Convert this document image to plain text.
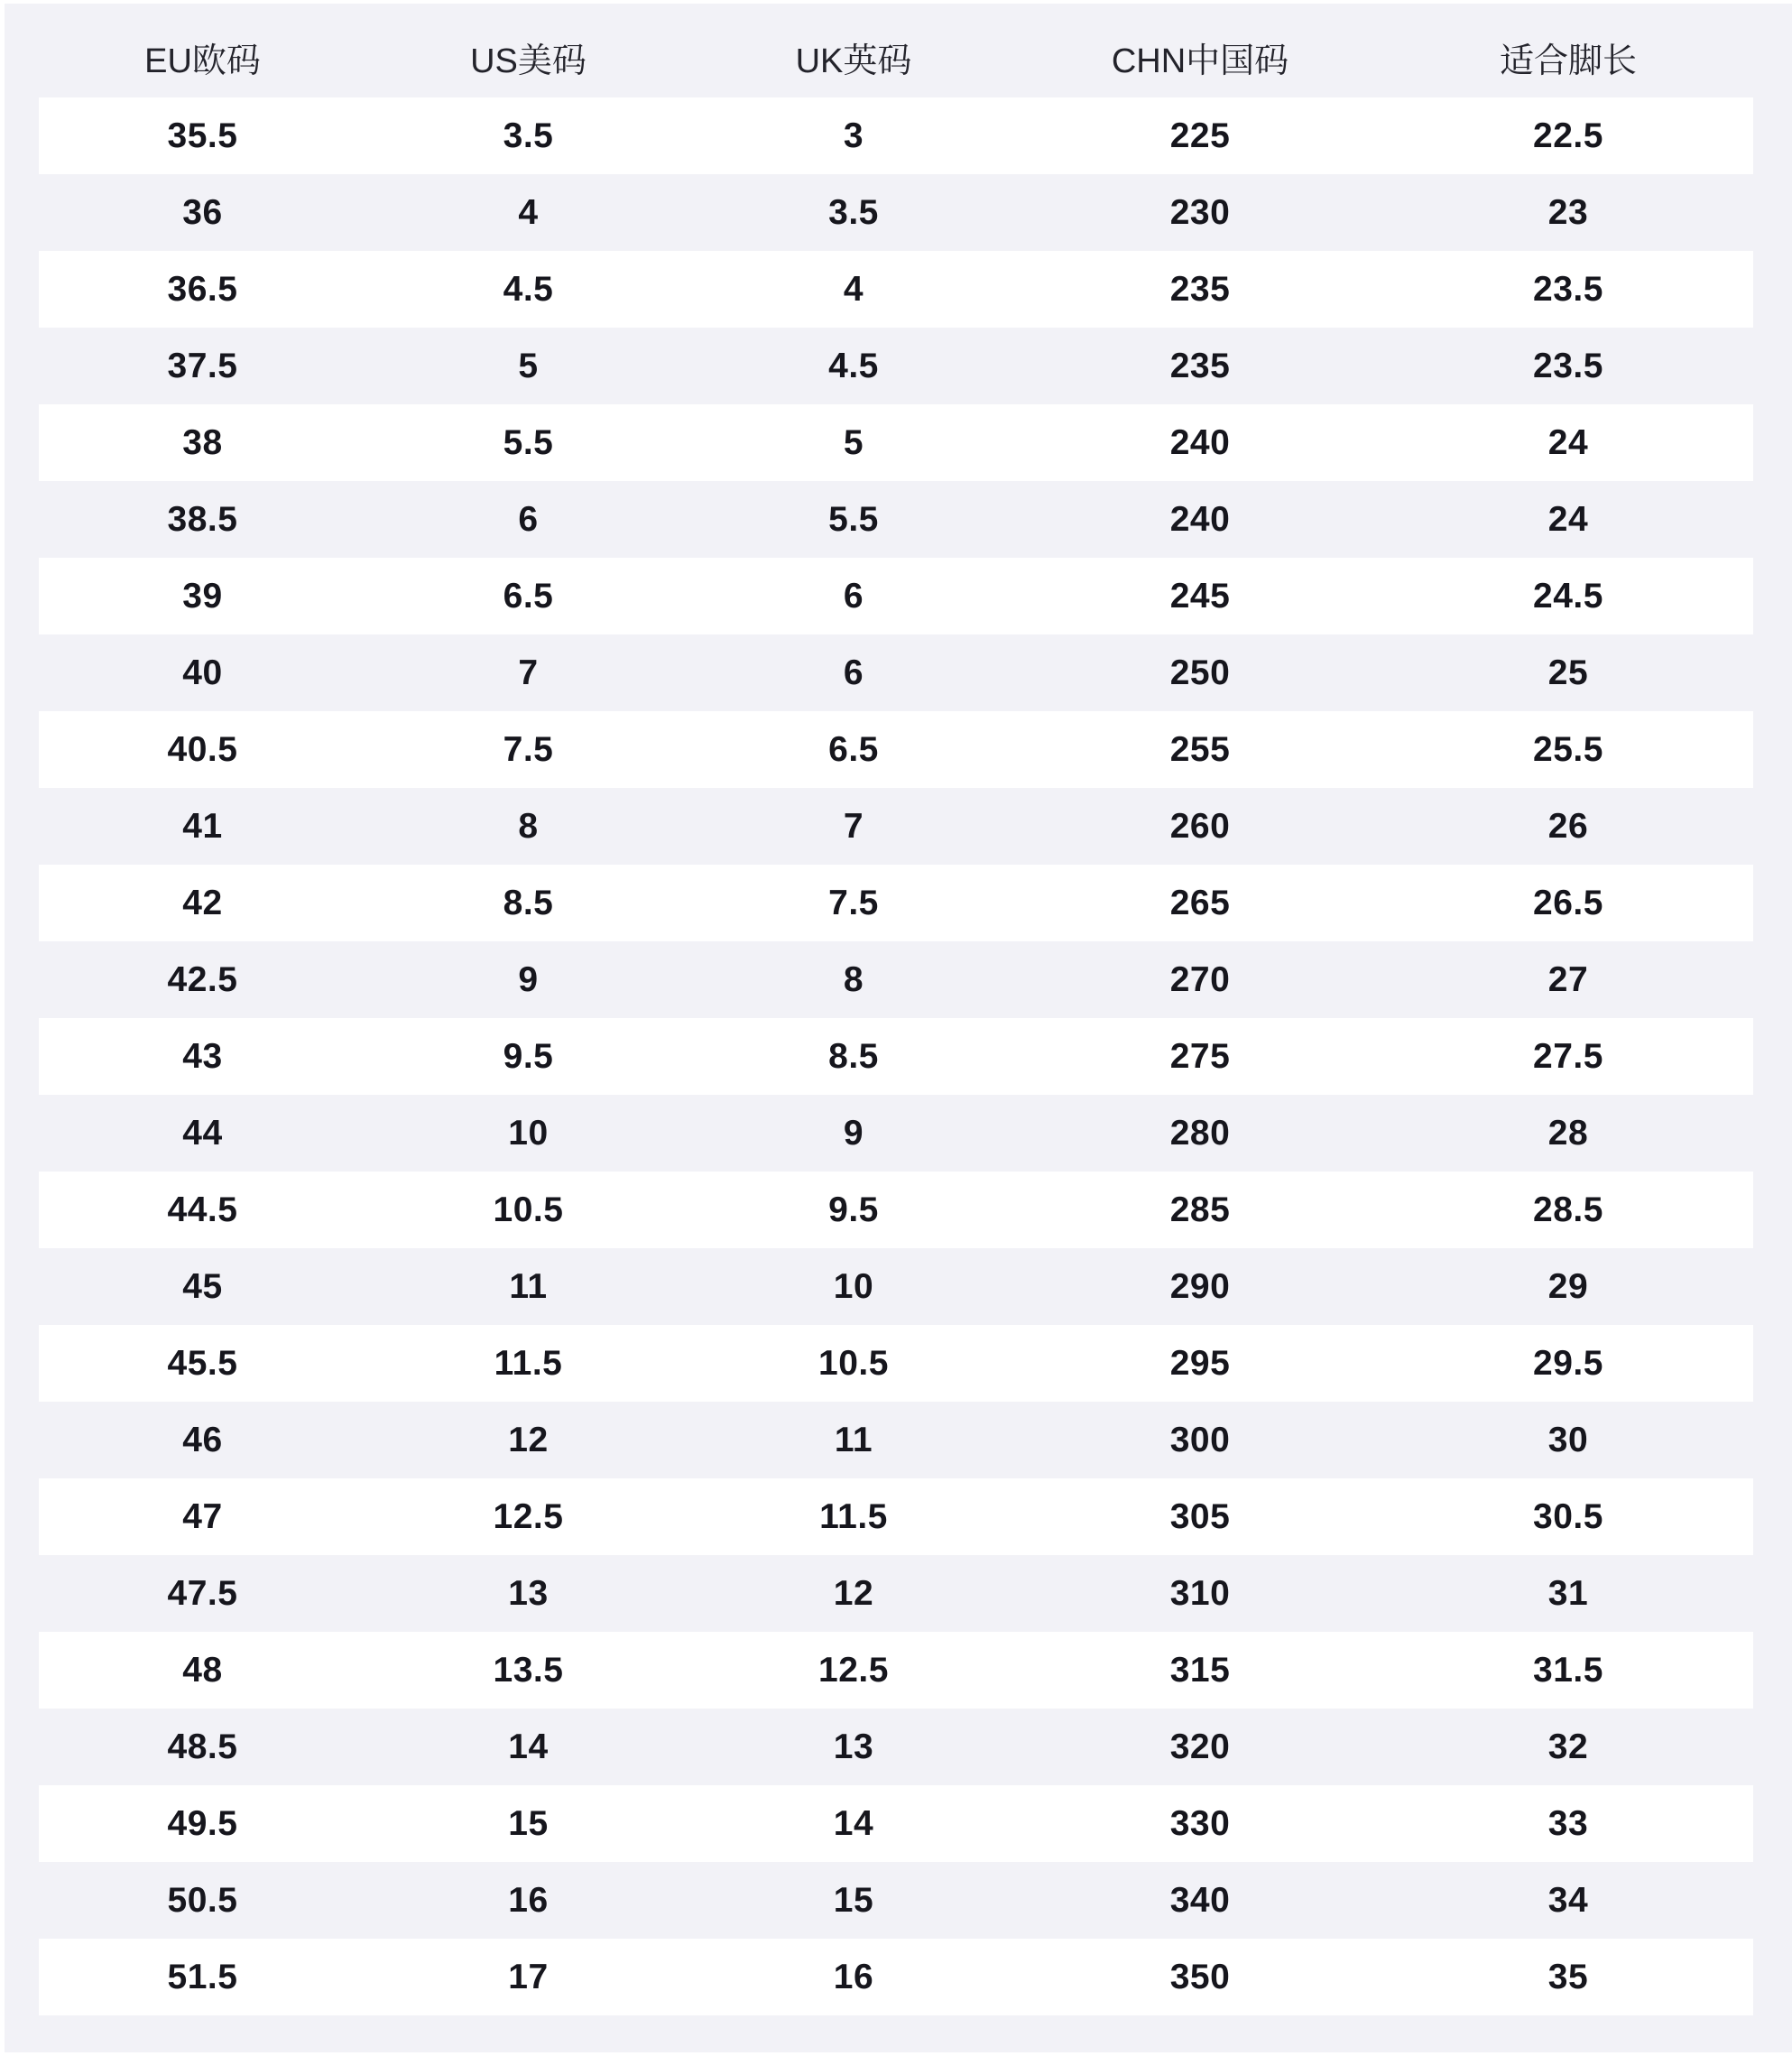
EU欧码	US美码	UK英码	CHN中国码	适合脚长
35.5	3.5	3	225	22.5
36	4	3.5	230	23
36.5	4.5	4	235	23.5
37.5	5	4.5	235	23.5
38	5.5	5	240	24
38.5	6	5.5	240	24
39	6.5	6	245	24.5
40	7	6	250	25
40.5	7.5	6.5	255	25.5
41	8	7	260	26
42	8.5	7.5	265	26.5
42.5	9	8	270	27
43	9.5	8.5	275	27.5
44	10	9	280	28
44.5	10.5	9.5	285	28.5
45	11	10	290	29
45.5	11.5	10.5	295	29.5
46	12	11	300	30
47	12.5	11.5	305	30.5
47.5	13	12	310	31
48	13.5	12.5	315	31.5
48.5	14	13	320	32
49.5	15	14	330	33
50.5	16	15	340	34
51.5	17	16	350	35
